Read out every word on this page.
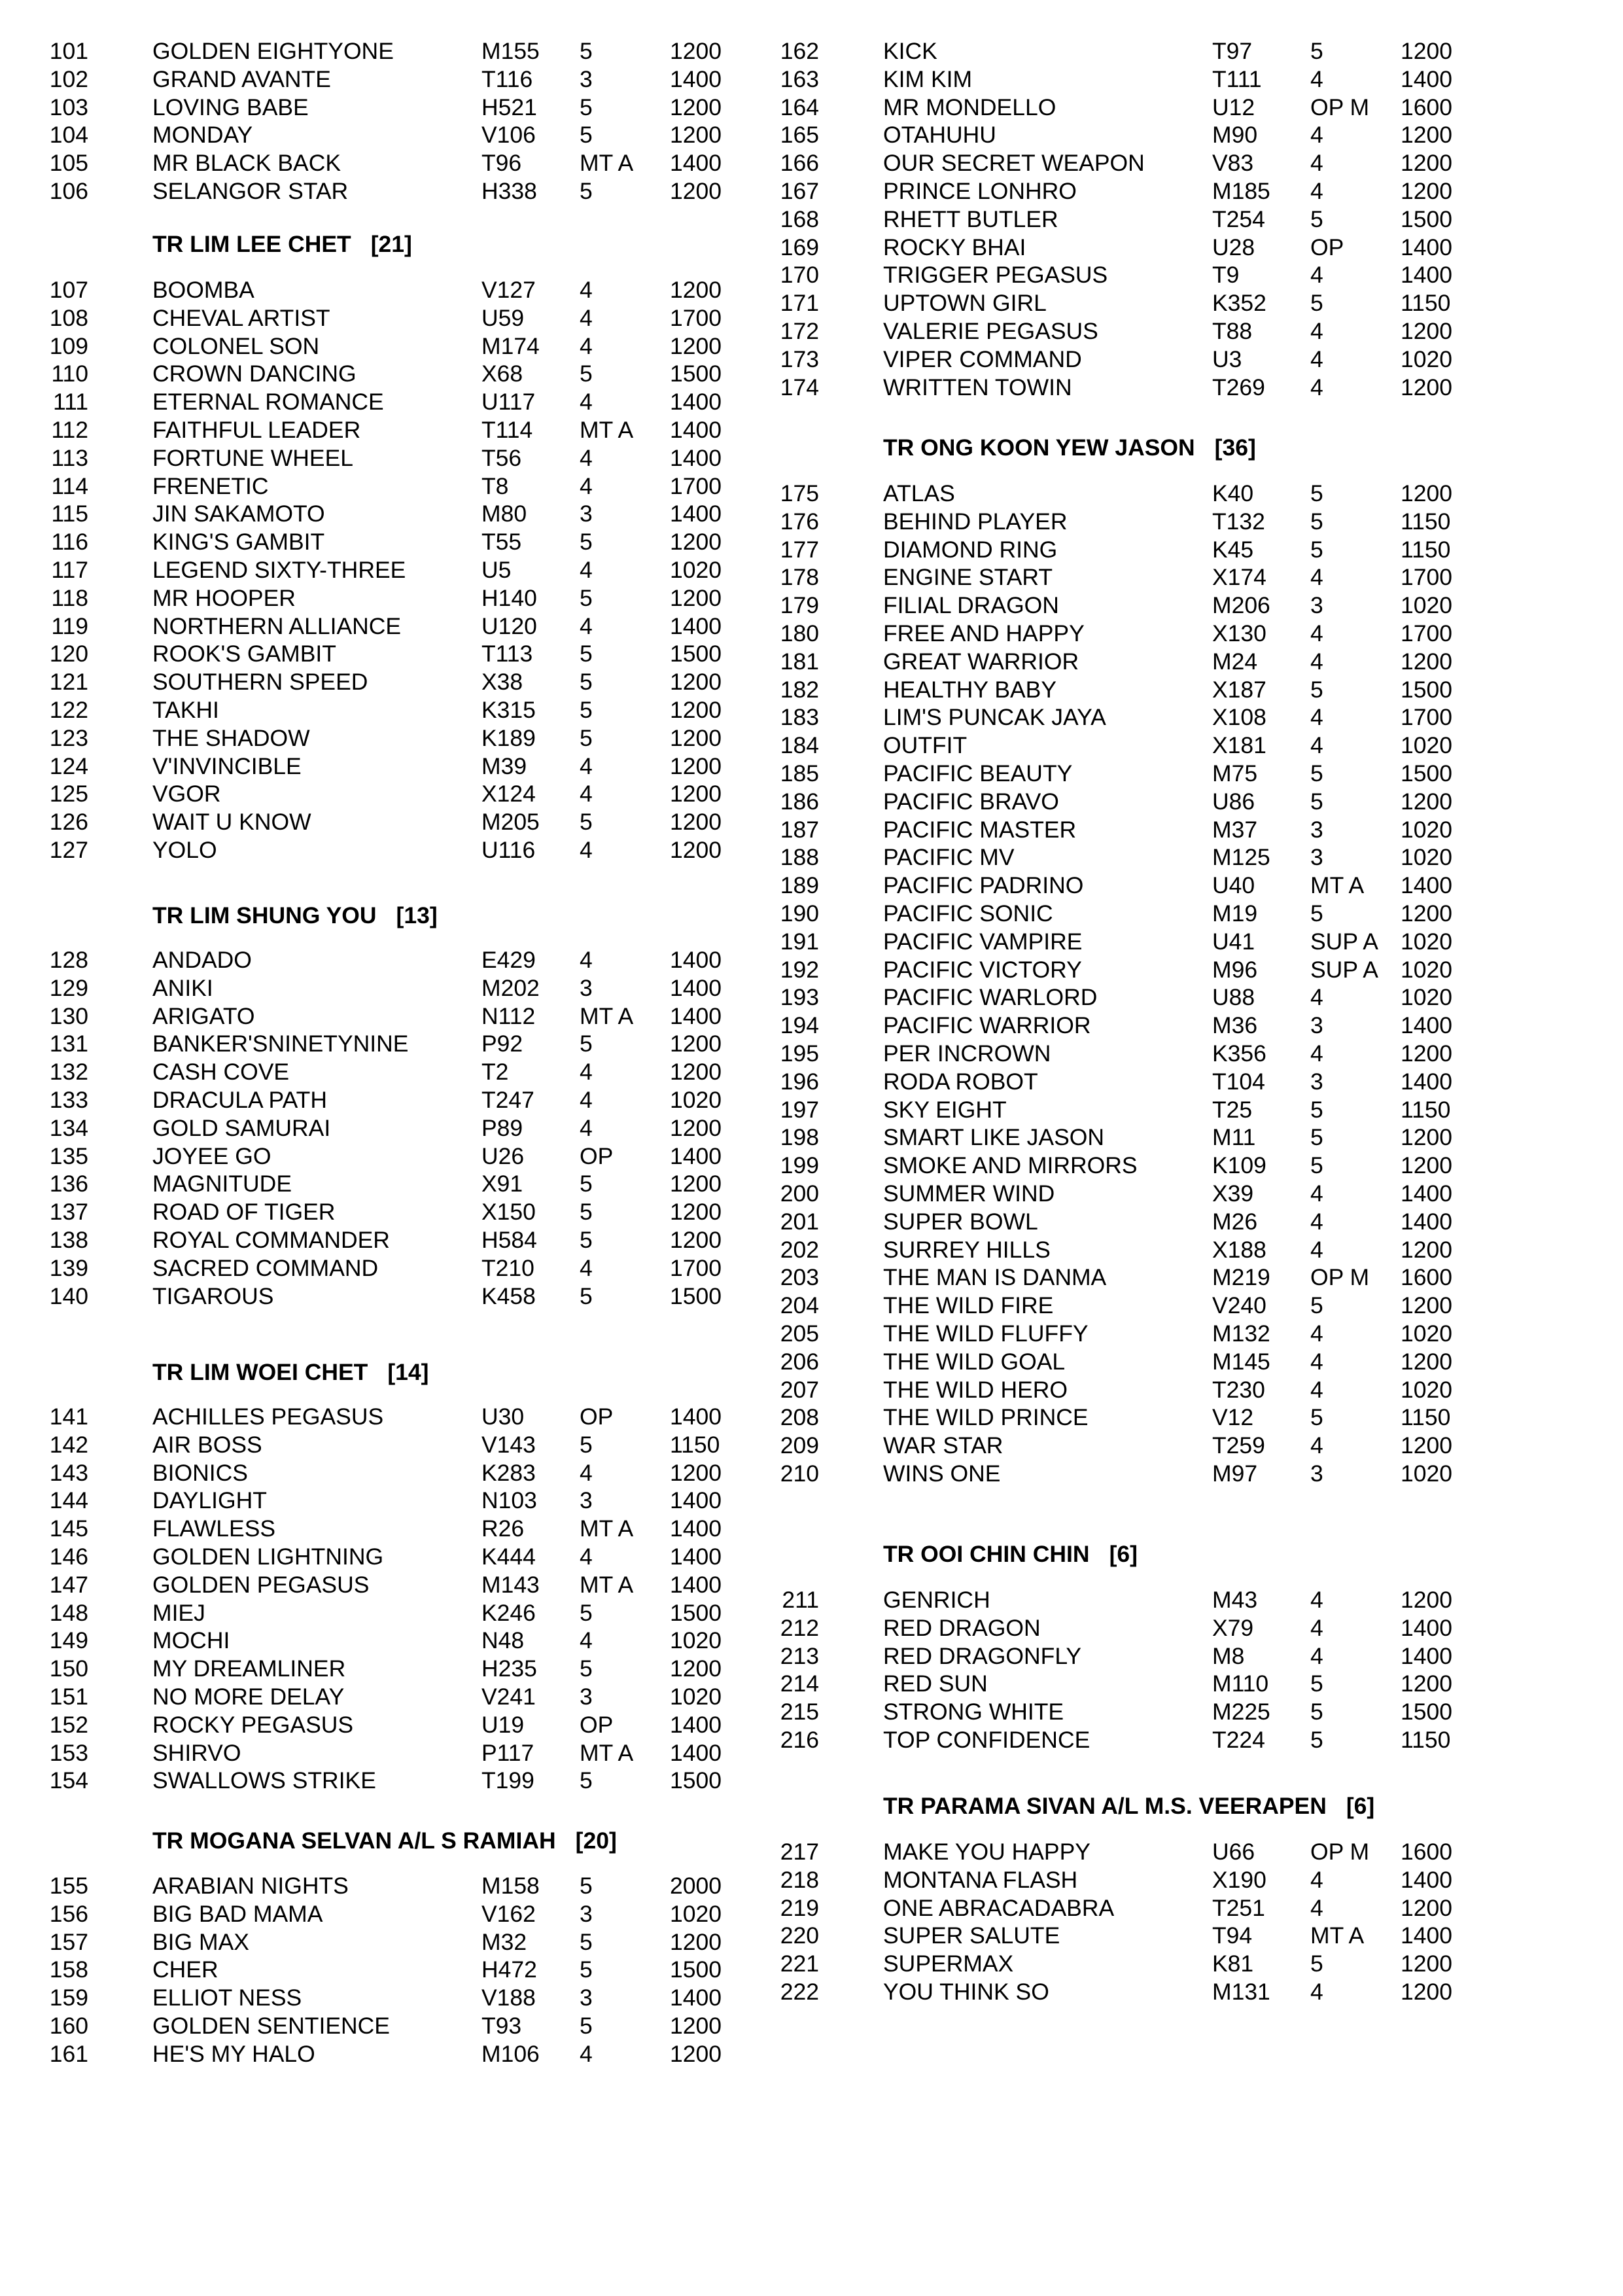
101	GOLDEN EIGHTYONE	M155 5	1200
102	GRAND AVANTE	T116 3	1400
103	LOVING BABE	H521 5	1200
104	MONDAY	V106 5	1200
105	MR BLACK BACK	T96	MT A 1400
106	SELANGOR STAR	H338 5	1200
TR LIM LEE CHET [21]
107	BOOMBA	V127 4	1200
108	CHEVAL ARTIST	U59 4	1700
109	COLONEL SON	M174 4	1200
110	CROWN DANCING	X68 5	1500
111	ETERNAL ROMANCE	U117 4	1400
112	FAITHFUL LEADER	T114 MT A 1400
113	FORTUNE WHEEL	T56	4	1400
114	FRENETIC	T8	4	1700
115	JIN SAKAMOTO	M80 3	1400
116	KING'S GAMBIT	T55	5	1200
117	LEGEND SIXTY-THREE	U5	4	1020
118	MR HOOPER	H140 5	1200
119	NORTHERN ALLIANCE	U120 4	1400
120	ROOK'S GAMBIT	T113 5	1500
121	SOUTHERN SPEED	X38 5	1200
122	TAKHI	K315 5	1200
123	THE SHADOW	K189 5	1200
124	V'INVINCIBLE	M39 4	1200
125	VGOR	X124 4	1200
126	WAIT U KNOW	M205 5	1200
127	YOLO	U116 4	1200
TR LIM SHUNG YOU [13]
128	ANDADO	E429 4	1400
129	ANIKI	M202 3	1400
130	ARIGATO	N112 MT A 1400
131	BANKER'SNINETYNINE	P92 5	1200
132	CASH COVE	T2	4	1200
133	DRACULA PATH	T247 4	1020
134	GOLD SAMURAI	P89 4	1200
135	JOYEE GO	U26 OP 1400
136	MAGNITUDE	X91 5	1200
137	ROAD OF TIGER	X150 5	1200
138	ROYAL COMMANDER	H584 5	1200
139	SACRED COMMAND	T210 4	1700
140	TIGAROUS	K458 5	1500
TR LIM WOEI CHET [14]
141	ACHILLES PEGASUS	U30 OP 1400
142	AIR BOSS	V143 5	1150
143	BIONICS	K283 4	1200
144	DAYLIGHT	N103 3	1400
145	FLAWLESS	R26 MT A 1400
146	GOLDEN LIGHTNING	K444 4	1400
147	GOLDEN PEGASUS	M143 MT A 1400
148	MIEJ	K246 5	1500
149	MOCHI	N48 4	1020
150	MY DREAMLINER	H235 5	1200
151	NO MORE DELAY	V241 3	1020
152	ROCKY PEGASUS	U19 OP 1400
153	SHIRVO	P117 MT A 1400
154	SWALLOWS STRIKE	T199 5	1500
TR MOGANA SELVAN A/L S RAMIAH [20]
155	ARABIAN NIGHTS	M158 5	2000
156	BIG BAD MAMA	V162 3	1020
157	BIG MAX	M32 5	1200
158	CHER	H472 5	1500
159	ELLIOT NESS	V188 3	1400
160	GOLDEN SENTIENCE	T93	5	1200
161	HE'S MY HALO	M106 4	1200
162	KICK	T97	5	1200
163	KIM KIM	T111 4	1400
164	MR MONDELLO	U12 OP M 1600
165	OTAHUHU	M90 4	1200
166	OUR SECRET WEAPON	V83 4	1200
167	PRINCE LONHRO	M185 4	1200
168	RHETT BUTLER	T254 5	1500
169	ROCKY BHAI	U28 OP 1400
170	TRIGGER PEGASUS	T9	4	1400
171	UPTOWN GIRL	K352 5	1150
172	VALERIE PEGASUS	T88	4	1200
173	VIPER COMMAND	U3	4	1020
174	WRITTEN TOWIN	T269 4	1200
TR ONG KOON YEW JASON [36]
175	ATLAS	K40 5	1200
176	BEHIND PLAYER	T132 5	1150
177	DIAMOND RING	K45 5	1150
178	ENGINE START	X174 4	1700
179	FILIAL DRAGON	M206 3	1020
180	FREE AND HAPPY	X130 4	1700
181	GREAT WARRIOR	M24 4	1200
182	HEALTHY BABY	X187 5	1500
183	LIM'S PUNCAK JAYA	X108 4	1700
184	OUTFIT	X181 4	1020
185	PACIFIC BEAUTY	M75 5	1500
186	PACIFIC BRAVO	U86 5	1200
187	PACIFIC MASTER	M37 3	1020
188	PACIFIC MV	M125 3	1020
189	PACIFIC PADRINO	U40 MT A 1400
190	PACIFIC SONIC	M19 5	1200
191	PACIFIC VAMPIRE	U41 SUP A 1020
192	PACIFIC VICTORY	M96 SUP A 1020
193	PACIFIC WARLORD	U88 4	1020
194	PACIFIC WARRIOR	M36 3	1400
195	PER INCROWN	K356 4	1200
196	RODA ROBOT	T104 3	1400
197	SKY EIGHT	T25	5	1150
198	SMART LIKE JASON	M11 5	1200
199	SMOKE AND MIRRORS	K109 5	1200
200	SUMMER WIND	X39 4	1400
201	SUPER BOWL	M26 4	1400
202	SURREY HILLS	X188 4	1200
203	THE MAN IS DANMA	M219 OP M 1600
204	THE WILD FIRE	V240 5	1200
205	THE WILD FLUFFY	M132 4	1020
206	THE WILD GOAL	M145 4	1200
207	THE WILD HERO	T230 4	1020
208	THE WILD PRINCE	V12 5	1150
209	WAR STAR	T259 4	1200
210	WINS ONE	M97 3	1020
TR OOI CHIN CHIN [6]
211	GENRICH	M43 4	1200
212	RED DRAGON	X79 4	1400
213	RED DRAGONFLY	M8	4	1400
214	RED SUN	M110 5	1200
215	STRONG WHITE	M225 5	1500
216	TOP CONFIDENCE	T224 5	1150
TR PARAMA SIVAN A/L M.S. VEERAPEN [6]
217	MAKE YOU HAPPY	U66 OP M 1600
218	MONTANA FLASH	X190 4	1400
219	ONE ABRACADABRA	T251 4	1200
220	SUPER SALUTE	T94	MT A 1400
221	SUPERMAX	K81 5	1200
222	YOU THINK SO	M131 4	1200
